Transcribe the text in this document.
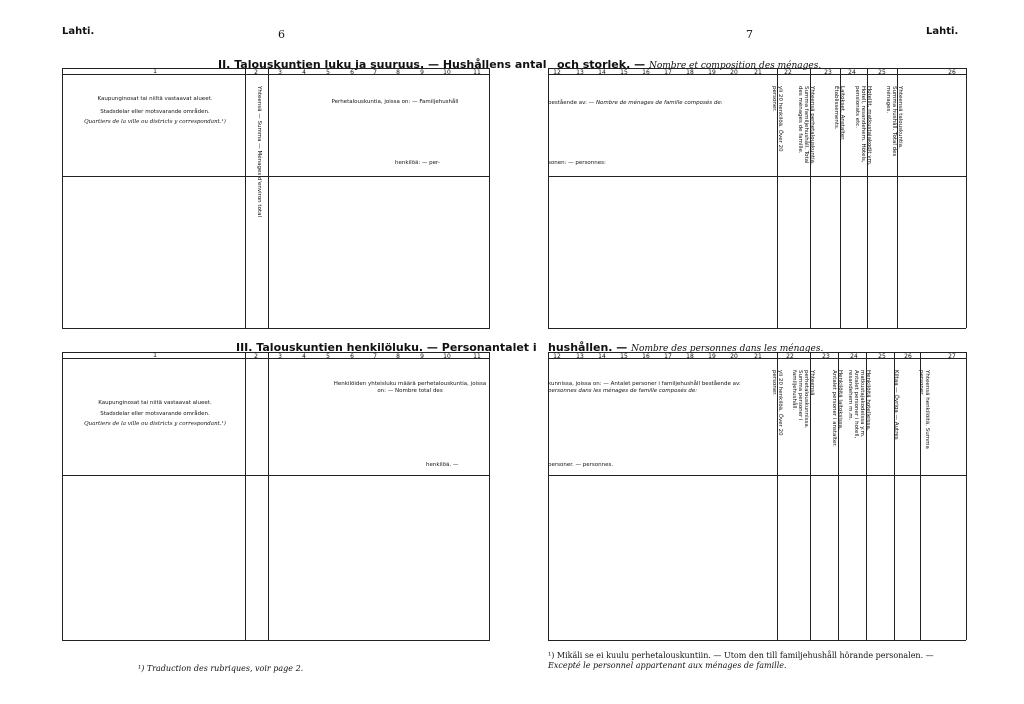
Lahti.	6	7	Lahti.
II. Talouskuntien luku ja suuruus. — Hushållens antal och storlek. — Nombre et composition des ménages.
Kaupunginosat tai niiltä vastaavat alueet.
Stadsdelar eller motsvarande områden.
Quartiers de la ville ou districts y correspondant.¹)
1
Yhteensä — Summa — Ménages d'environ total	Perhetalouskuntia, joissa on: — Familjehushåll	bestående av: — Nombre de ménages de famille composés de:
henkilöä: — per-	sonen: — personnes:
2	3	4	5	6	7	8	9	10	11	12	13	14	15	16	17	18	19	20	21	22	23	24	25	26
yli 20 henkilöä. Över 20 personer.	Yhteensä perhetalouskuntia. Summa familjehushåll. Total des ménages de famille.	Laitokset. Anstalter. Établissements.	Hotellit, matkustajakodit ym. Hotell, resandehem. Hôtels, pensionats etc.	Yhteensä talouskuntia. Summa hushåll. Total des ménages.
III. Talouskuntien henkilöluku. — Personantalet i hushållen. — Nombre des personnes dans les ménages.
Kaupunginosat tai niitä vastaavat alueet.
Stadsdelar eller motsvarande områden.
Quartiers de la ville ou districts y correspondant.¹)
1
Henkilöiden yhteisluku määrä perhetalouskuntia, joissa on: — Nombre total des
kunnissa, joissa on: — Antalet personer i familjehushåll bestående av:
personnes dans les ménages de famille composés de:
henkilöä. —	personer. — personnes.
2	3	4	5	6	7	8	9	10	11	12	13	14	15	16	17	18	19	20	21	22	23	24	25	26	27
yli 20 henkilöä. Över 20 personer.	Yhteensä perhetalouskunnissa. Summa personer i familjehushåll.	Henkilöitä laitoksissa. Antalet personer i anstalter.	Henkilöitä hotelleissa, matkustajakodeissa y.m. Antalet personer i hotell, resandehem m.m.	Kiltaa — Övriga — Autres	Yhteensä henkilöitä. Summa personer.
¹) Traduction des rubriques, voir page 2.
¹) Mikäli se ei kuulu perhetalouskuntiin. — Utom den till familjehushåll hörande personalen. —
Excepté le personnel appartenant aux ménages de famille.
